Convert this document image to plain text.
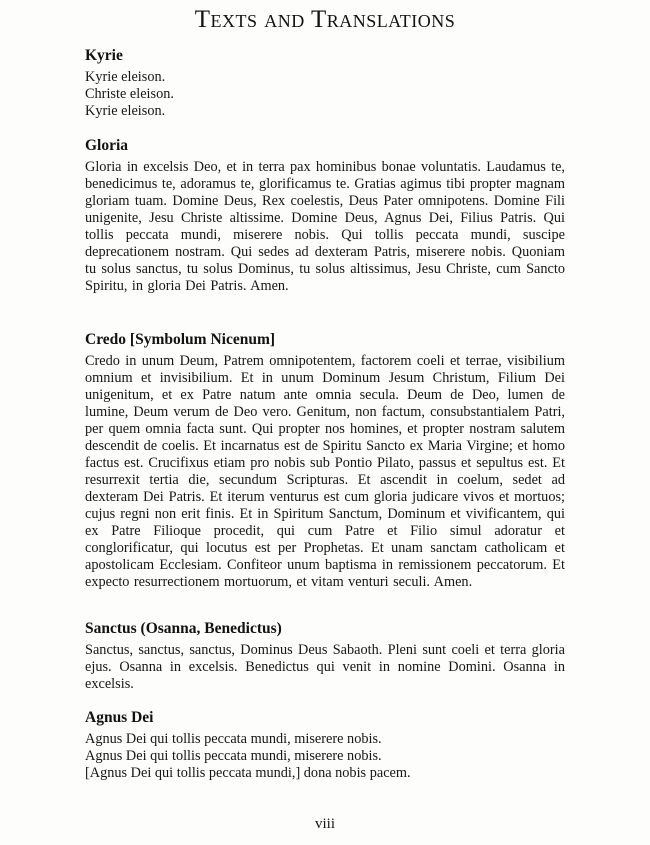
Texts and Translations
Kyrie
Kyrie eleison.
Christe eleison.
Kyrie eleison.
Gloria

Gloria in excelsis Deo, et in terra pax hominibus bonae voluntatis. Laudamus te, benedicimus te, adoramus te, glorificamus te. Gratias agimus tibi propter magnam gloriam tuam. Domine Deus, Rex coelestis, Deus Pater omnipotens. Domine Fili unigenite, Jesu Christe altissime. Domine Deus, Agnus Dei, Filius Patris. Qui tollis peccata mundi, miserere nobis. Qui tollis peccata mundi, suscipe deprecationem nostram. Qui sedes ad dexteram Patris, miserere nobis. Quoniam tu solus sanctus, tu solus Dominus, tu solus altissimus, Jesu Christe, cum Sancto Spiritu, in gloria Dei Patris. Amen.

Credo [Symbolum Nicenum]

Credo in unum Deum, Patrem omnipotentem, factorem coeli et terrae, visibilium omnium et invisibilium. Et in unum Dominum Jesum Christum, Filium Dei unigenitum, et ex Patre natum ante omnia secula. Deum de Deo, lumen de lumine, Deum verum de Deo vero. Genitum, non factum, consubstantialem Patri, per quem omnia facta sunt. Qui propter nos homines, et propter nostram salutem descendit de coelis. Et incarnatus est de Spiritu Sancto ex Maria Virgine; et homo factus est. Crucifixus etiam pro nobis sub Pontio Pilato, passus et sepultus est. Et resurrexit tertia die, secundum Scripturas. Et ascendit in coelum, sedet ad dexteram Dei Patris. Et iterum venturus est cum gloria judicare vivos et mortuos; cujus regni non erit finis. Et in Spiritum Sanctum, Dominum et vivificantem, qui ex Patre Filioque procedit, qui cum Patre et Filio simul adoratur et conglorificatur, qui locutus est per Prophetas. Et unam sanctam catholicam et apostolicam Ecclesiam. Confiteor unum baptisma in remissionem peccatorum. Et expecto resurrectionem mortuorum, et vitam venturi seculi. Amen.

Sanctus (Osanna, Benedictus)

Sanctus, sanctus, sanctus, Dominus Deus Sabaoth. Pleni sunt coeli et terra gloria ejus. Osanna in excelsis. Benedictus qui venit in nomine Domini. Osanna in excelsis.

Agnus Dei
Agnus Dei qui tollis peccata mundi, miserere nobis.
Agnus Dei qui tollis peccata mundi, miserere nobis.
[Agnus Dei qui tollis peccata mundi,] dona nobis pacem.
viii
